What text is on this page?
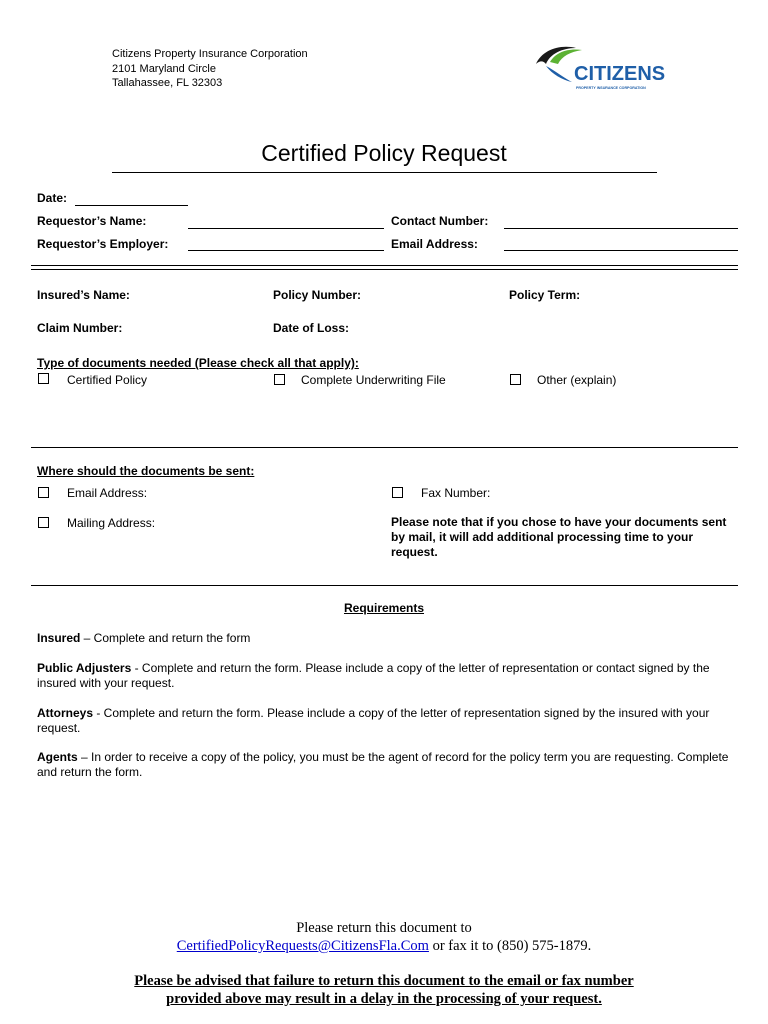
Citizens Property Insurance Corporation
2101 Maryland Circle
Tallahassee, FL 32303	CITIZENS
PROPERTY INSURANCE CORPORATION
Certified Policy Request
Date:
Requestor’s Name:	Contact Number:
Requestor’s Employer:	Email Address:
Insured’s Name:	Policy Number:	Policy Term:
Claim Number:	Date of Loss:
Type of documents needed (Please check all that apply):
Certified Policy	Complete Underwriting File	Other (explain)
Where should the documents be sent:
Email Address:	Fax Number:
Mailing Address:	Please note that if you chose to have your documents sent by mail, it will add additional processing time to your request.
Requirements
Insured – Complete and return the form
Public Adjusters - Complete and return the form. Please include a copy of the letter of representation or contact signed by the insured with your request.
Attorneys - Complete and return the form. Please include a copy of the letter of representation signed by the insured with your request.
Agents – In order to receive a copy of the policy, you must be the agent of record for the policy term you are requesting. Complete and return the form.
Please return this document to
CertifiedPolicyRequests@CitizensFla.Com or fax it to (850) 575-1879.
Please be advised that failure to return this document to the email or fax number
provided above may result in a delay in the processing of your request.
